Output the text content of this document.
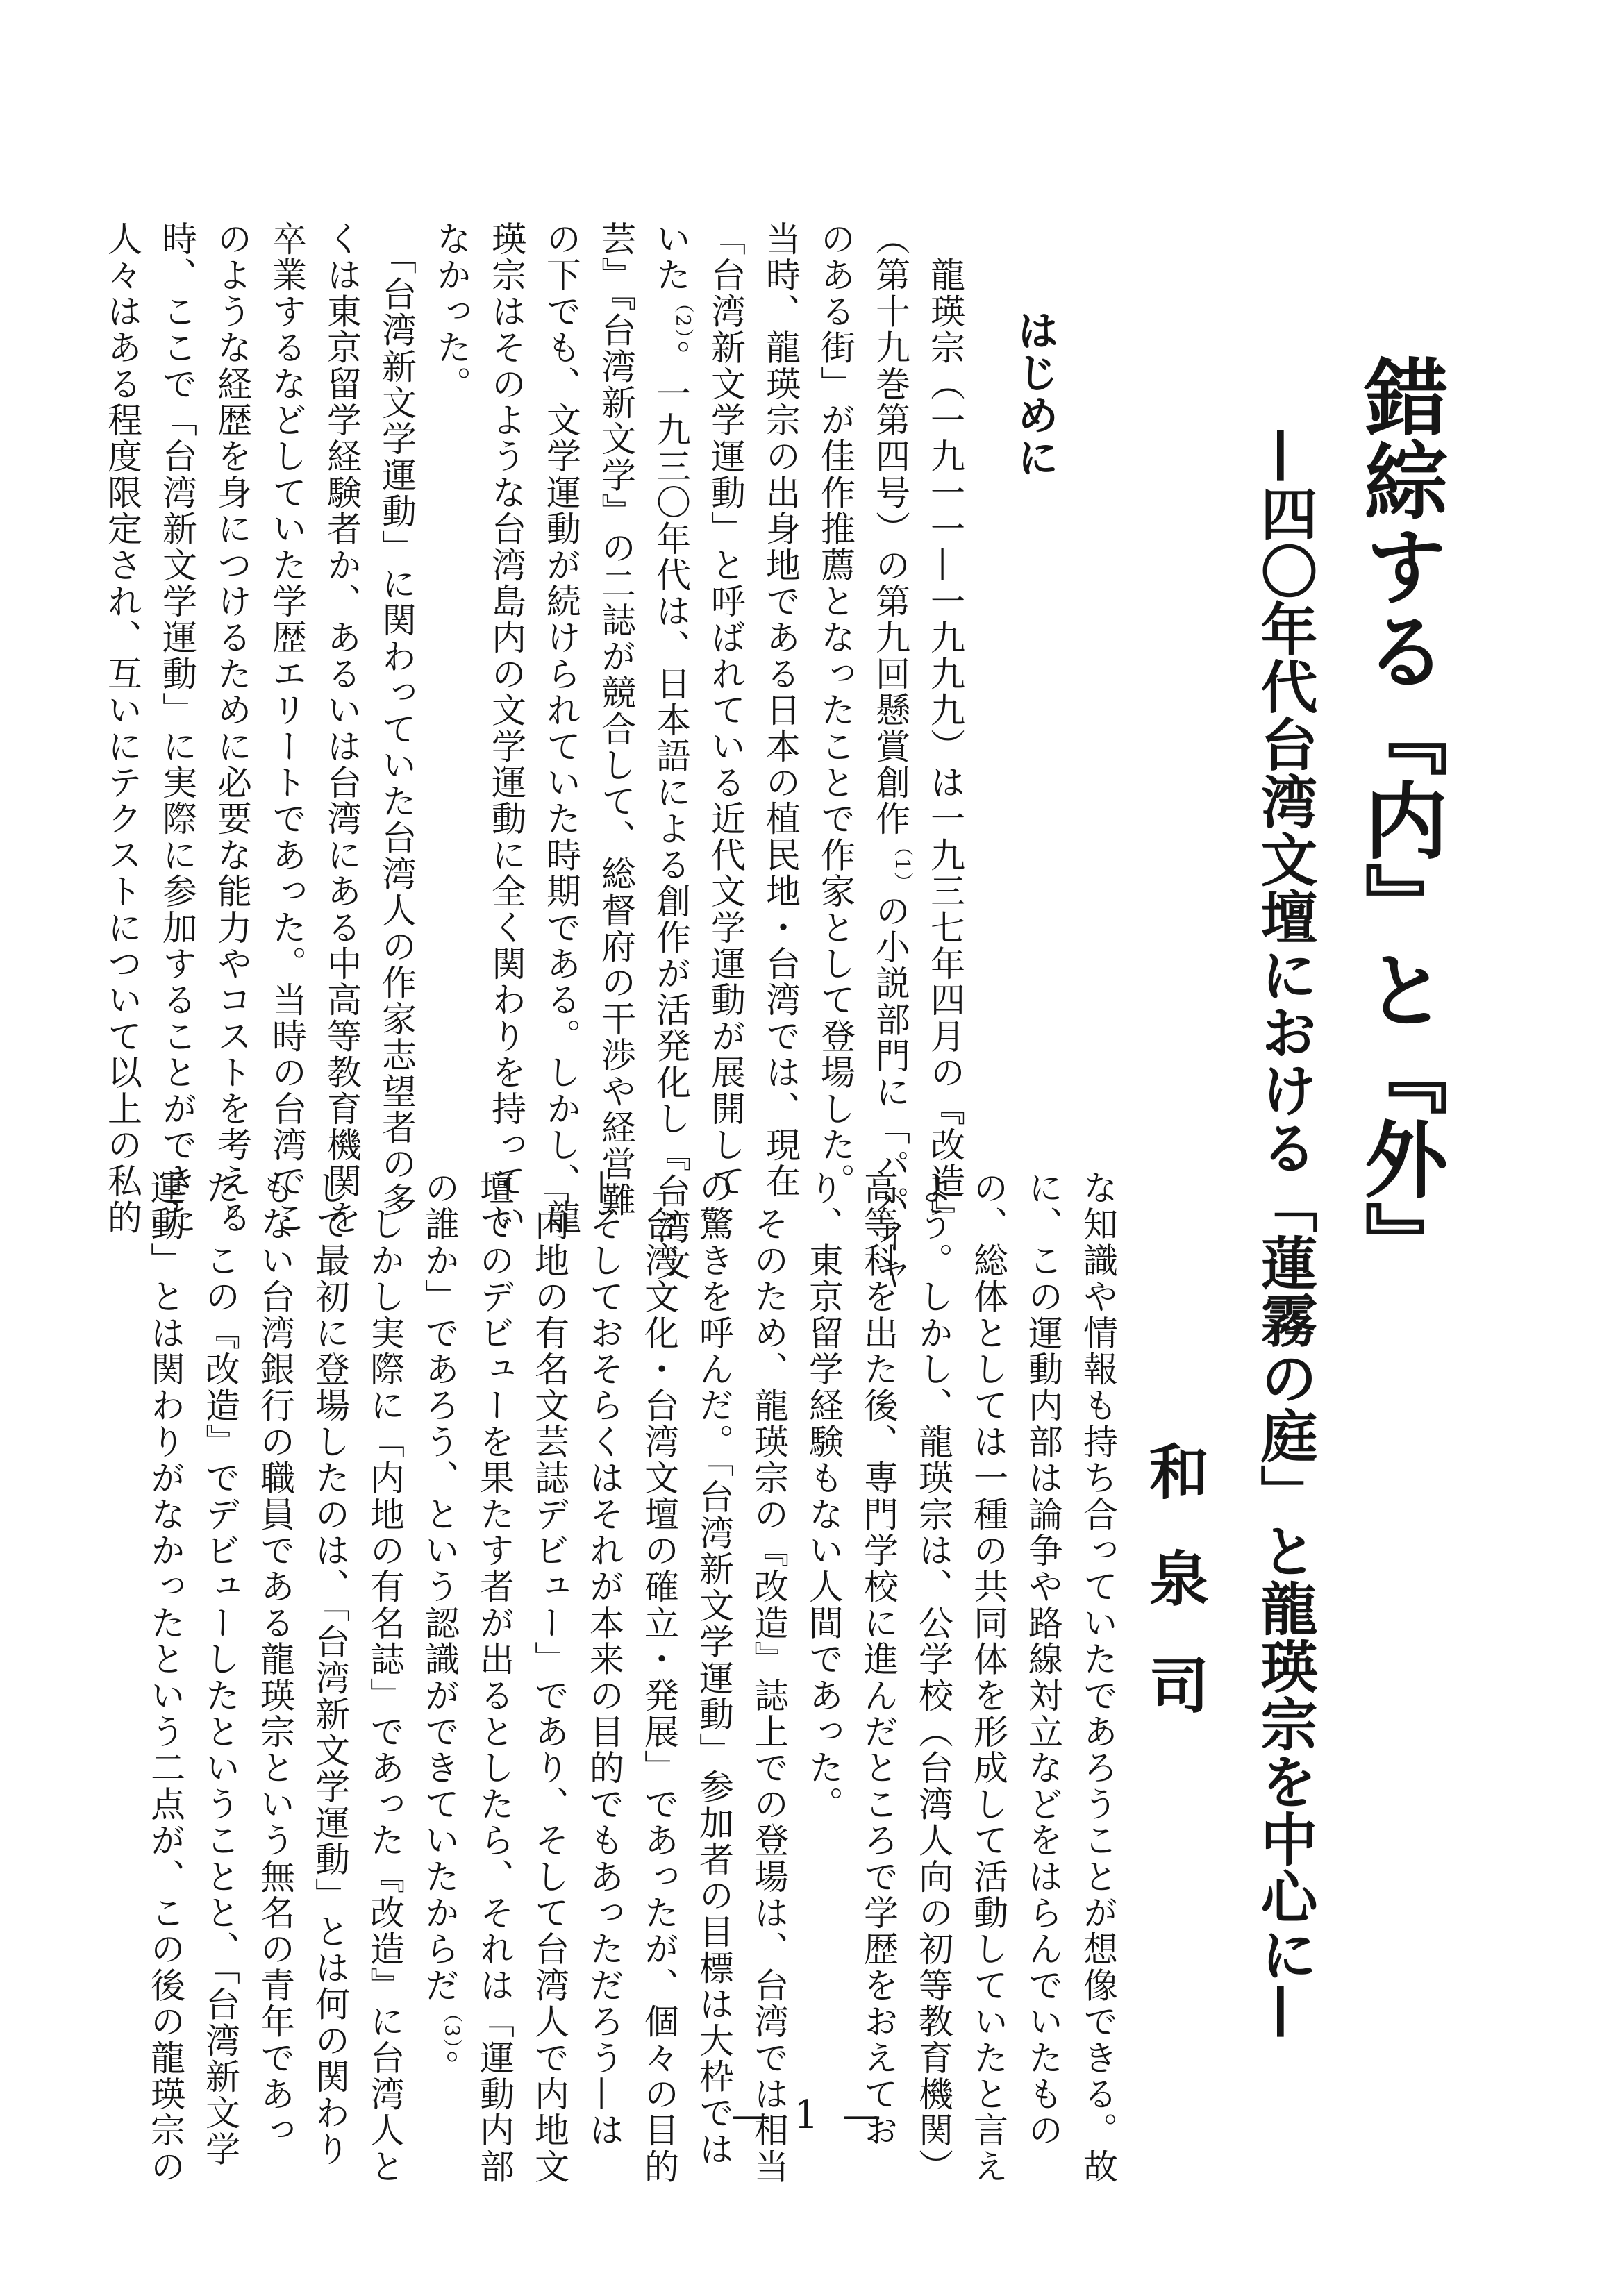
錯綜する『内』と『外』
—四〇年代台湾文壇における「蓮霧の庭」と龍瑛宗を中心に—
和泉司
はじめに

　龍瑛宗（一九一一—一九九九）は一九三七年四月の『改造』

（第十九巻第四号）の第九回懸賞創作$^{(1)}$の小説部門に「パパイヤ

のある街」が佳作推薦となったことで作家として登場した。

当時、龍瑛宗の出身地である日本の植民地・台湾では、現在

「台湾新文学運動」と呼ばれている近代文学運動が展開して

いた$^{(2)}$。一九三〇年代は、日本語による創作が活発化し『台湾文

芸』『台湾新文学』の二誌が競合して、総督府の干渉や経営難

の下でも、文学運動が続けられていた時期である。しかし、龍

瑛宗はそのような台湾島内の文学運動に全く関わりを持ってい

なかった。

　「台湾新文学運動」に関わっていた台湾人の作家志望者の多

くは東京留学経験者か、あるいは台湾にある中高等教育機関を

卒業するなどしていた学歴エリートであった。当時の台湾でこ

のような経歴を身につけるために必要な能力やコストを考える

時、ここで「台湾新文学運動」に実際に参加することができた

人々はある程度限定され、互いにテクストについて以上の私的

な知識や情報も持ち合っていたであろうことが想像できる。故

に、この運動内部は論争や路線対立などをはらんでいたもの

の、総体としては一種の共同体を形成して活動していたと言え

よう。しかし、龍瑛宗は、公学校（台湾人向の初等教育機関）

高等科を出た後、専門学校に進んだところで学歴をおえてお

り、東京留学経験もない人間であった。

　そのため、龍瑛宗の『改造』誌上での登場は、台湾では相当

の驚きを呼んだ。「台湾新文学運動」参加者の目標は大枠では

「台湾文化・台湾文壇の確立・発展」であったが、個々の目的

—そしておそらくはそれが本来の目的でもあっただろう—は

「内地の有名文芸誌デビュー」であり、そして台湾人で内地文

壇でのデビューを果たす者が出るとしたら、それは「運動内部

の誰か」であろう、という認識ができていたからだ$^{(3)}$。

　しかし実際に「内地の有名誌」であった『改造』に台湾人と

して最初に登場したのは、「台湾新文学運動」とは何の関わり

もない台湾銀行の職員である龍瑛宗という無名の青年であっ

た。この『改造』でデビューしたということと、「台湾新文学

運動」とは関わりがなかったという二点が、この後の龍瑛宗の	— 1 —
